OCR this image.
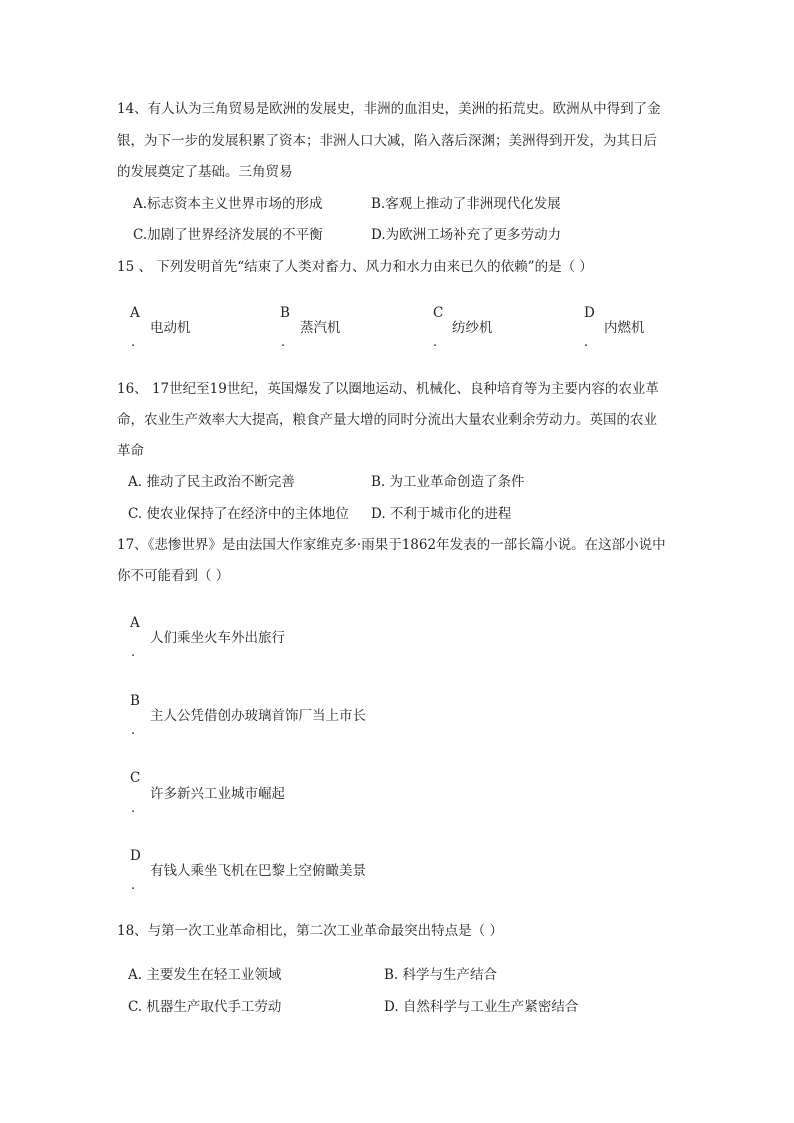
14、有人认为三角贸易是欧洲的发展史，非洲的血泪史，美洲的拓荒史。欧洲从中得到了金
银，为下一步的发展积累了资本；非洲人口大减，陷入落后深渊；美洲得到开发，为其日后
的发展奠定了基础。三角贸易
A.标志资本主义世界市场的形成	B.客观上推动了非洲现代化发展
C.加剧了世界经济发展的不平衡	D.为欧洲工场补充了更多劳动力
15 、 下列发明首先“结束了人类对畜力、风力和水力由来已久的依赖”的是（ ）
A
电动机
.
B
蒸汽机
.
C
纺纱机
.
D
内燃机
.
16、 17世纪至19世纪，英国爆发了以圈地运动、机械化、良种培育等为主要内容的农业革
命，农业生产效率大大提高，粮食产量大增的同时分流出大量农业剩余劳动力。英国的农业
革命
A. 推动了民主政治不断完善	B. 为工业革命创造了条件
C. 使农业保持了在经济中的主体地位 D. 不利于城市化的进程
17、《悲惨世界》是由法国大作家维克多·雨果于1862年发表的一部长篇小说。在这部小说中
你不可能看到（ ）
A
人们乘坐火车外出旅行
.
B
主人公凭借创办玻璃首饰厂当上市长
.
C
许多新兴工业城市崛起
.
D
有钱人乘坐飞机在巴黎上空俯瞰美景
.
18、与第一次工业革命相比，第二次工业革命最突出特点是（ ）
A. 主要发生在轻工业领域	B. 科学与生产结合
C. 机器生产取代手工劳动	D. 自然科学与工业生产紧密结合
